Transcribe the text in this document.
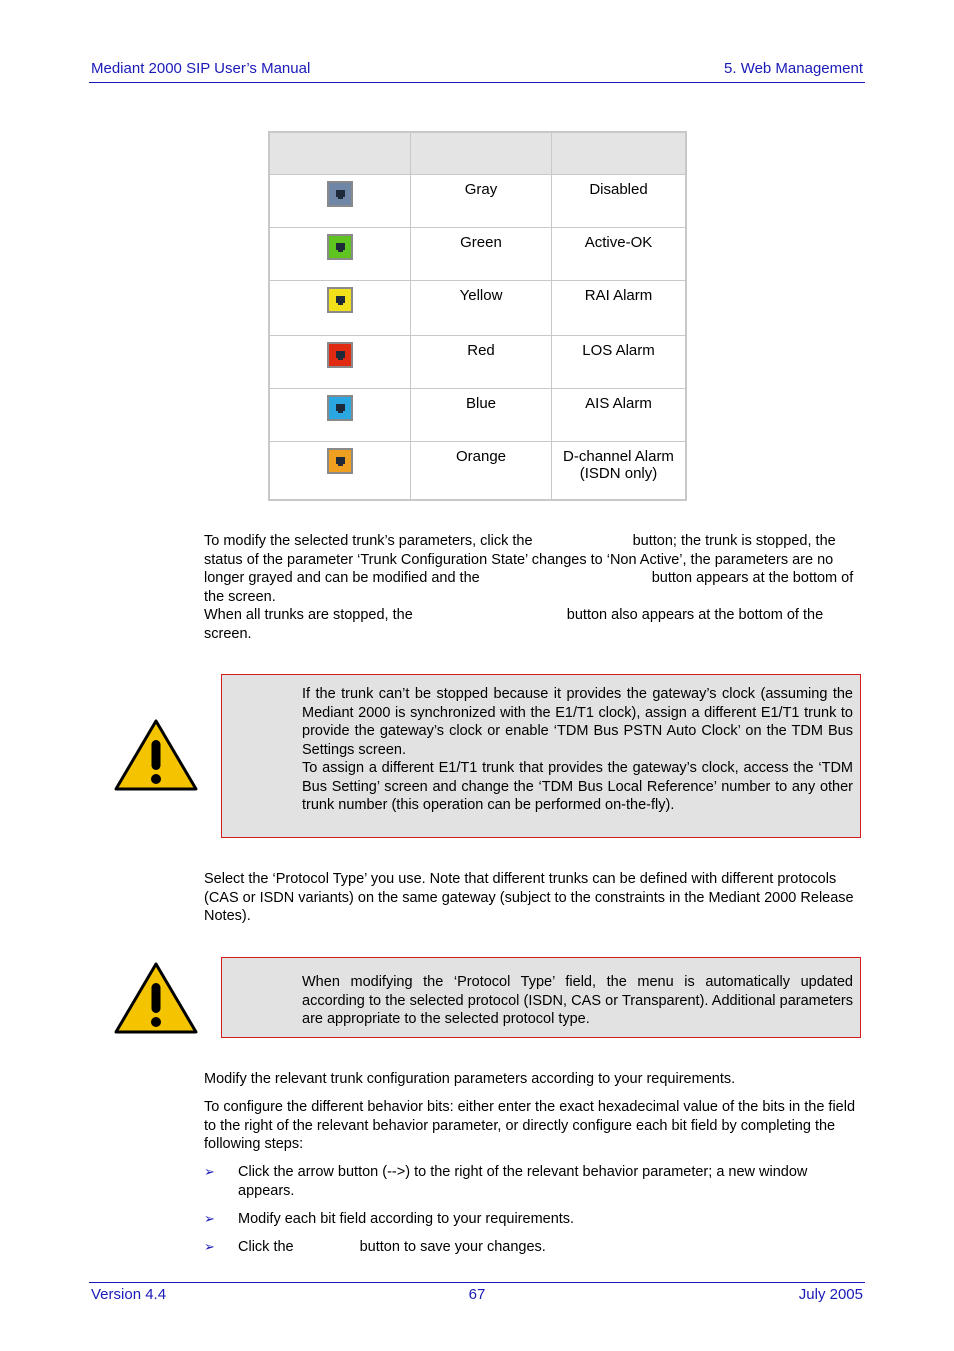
Mediant 2000 SIP User’s Manual	5. Web Management

	Gray	Disabled

	Green	Active-OK

	Yellow	RAI Alarm

	Red	LOS Alarm

	Blue	AIS Alarm

	Orange	D-channel Alarm
(ISDN only)
To modify the selected trunk’s parameters, click the	button; the trunk is stopped, the status of the parameter ‘Trunk Configuration State’ changes to ‘Non Active’, the parameters are no longer grayed and can be modified and the	button appears at the bottom of the screen.
When all trunks are stopped, the	button also appears at the bottom of the screen.
If the trunk can’t be stopped because it provides the gateway’s clock (assuming the Mediant 2000 is synchronized with the E1/T1 clock), assign a different E1/T1 trunk to provide the gateway’s clock or enable ‘TDM Bus PSTN Auto Clock’ on the TDM Bus Settings screen.
To assign a different E1/T1 trunk that provides the gateway’s clock, access the ‘TDM Bus Setting’ screen and change the ‘TDM Bus Local Reference’ number to any other trunk number (this operation can be performed on-the-fly).
Select the ‘Protocol Type’ you use. Note that different trunks can be defined with different protocols (CAS or ISDN variants) on the same gateway (subject to the constraints in the Mediant 2000 Release Notes).
When modifying the ‘Protocol Type’ field, the menu is automatically updated according to the selected protocol (ISDN, CAS or Transparent). Additional parameters are appropriate to the selected protocol type.
Modify the relevant trunk configuration parameters according to your requirements.
To configure the different behavior bits: either enter the exact hexadecimal value of the bits in the field to the right of the relevant behavior parameter, or directly configure each bit field by completing the following steps:
➢ Click the arrow button (-->) to the right of the relevant behavior parameter; a new window appears.
➢ Modify each bit field according to your requirements.
➢ Click the	button to save your changes.
Version 4.4	67	July 2005
